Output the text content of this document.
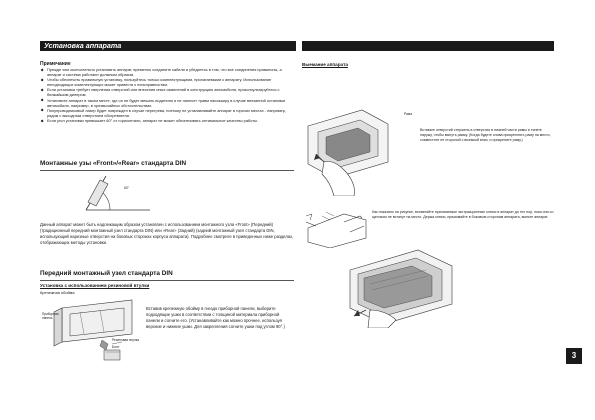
Установка аппарата
Примечание
Прежде чем окончательно установить аппарат, временно соедините кабели и убедитесь в том, что все соединения правильны, а аппарат и система работают должным образом.
Чтобы обеспечить правильную установку, пользуйтесь только комплектующими, прилагаемыми к аппарату. Использование неподходящих комплектующих может привести к неисправностям.
Если установка требует сверления отверстий или внесения иных изменений в конструкцию автомобиля, проконсультируйтесь с ближайшим дилером.
Установите аппарат в таком месте, где он не будет мешать водителю и не нанесет травм пассажиру в случае внезапной остановки автомобиля, например, в чрезвычайных обстоятельствах.
Полупроводниковый лазер будет поврежден в случае перегрева, поэтому не устанавливайте аппарат в горячих местах - например, рядом с выходным отверстием обогревателя.
Если угол установки превышает 60° от горизонтали, аппарат не может обеспечивать оптимальное качество работы.
Монтажные узы «Front»/«Rear» стандарта DIN
60°
Данный аппарат может быть надлежащим образом установлен с использованием монтажного узла «Front» (Передний) (традиционный передний монтажный узел стандарта DIN) или «Rear» (Задний) (задний монтажный узел стандарта DIN, использующий нарезные отверстия на боковых сторонах корпуса аппарата). Подробнее смотрите в приведенных ниже разделах, отображающих методы установки.
Передний монтажный узел стандарта DIN
Установка с использованием резиновой втулки
Крепежная обойма
Приборная панель
Резиновая втулка
Болт
Вставив крепежную обойму в гнездо приборной панели, выберите подходящие ушки в соответствии с толщиной материала приборной панели и согните его. (Устанавливайте как можно прочнее, используя верхние и нижние ушки. Для закрепления согните ушки под углом 90°.)
Выемание аппарата
Рама
Вставьте отверстий стержень в отверстия в нижней части рамы и тянете наружу, чтобы вынуть рамку. (Когда будете снова прикреплять раму на место, совместите ее стороной с выемкой вниз, и прикрепите раму.)
Как показано на рисунке, вставляйте прилагаемые экстракционные ключи в аппарат до тех пор, пока они со щелчком не встанут на место. Держа ключи, прижимайте в боковым сторонам аппарата, выньте аппарат.
3
